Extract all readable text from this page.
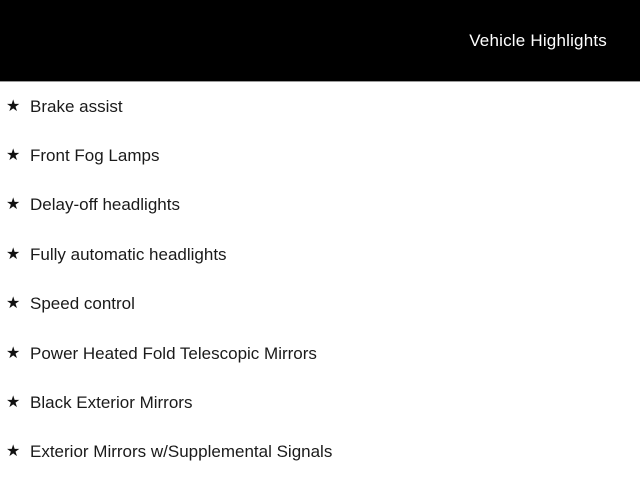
Vehicle Highlights
★ Brake assist
★ Front Fog Lamps
★ Delay-off headlights
★ Fully automatic headlights
★ Speed control
★ Power Heated Fold Telescopic Mirrors
★ Black Exterior Mirrors
★ Exterior Mirrors w/Supplemental Signals
